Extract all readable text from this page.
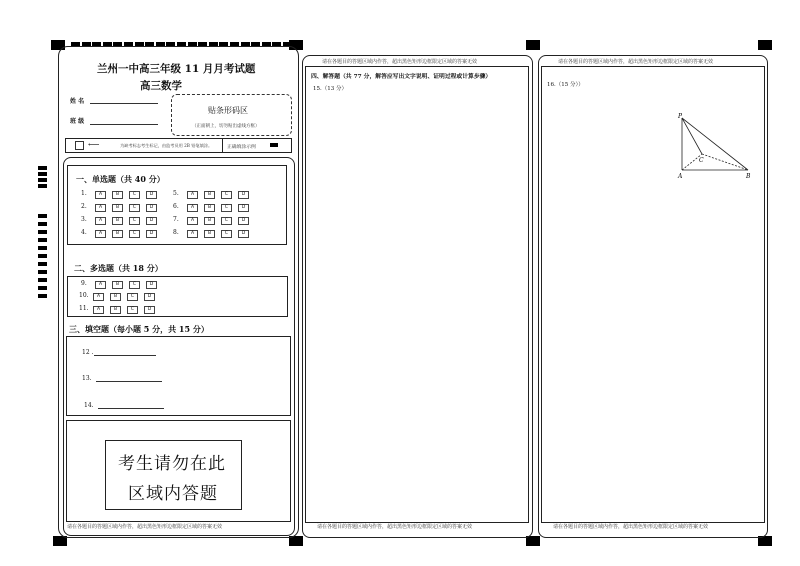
兰州一中高三年级 11 月月考试题
高三数学
姓 名
班 级
贴条形码区
（正面朝上，切勿贴出虚线方框）
⟵	为缺考标志考生标记，由监考员用 2B 铅笔填涂。	正确填涂示例
一、单选题（共 40 分）
1.	A	B	C	D
2.	A	B	C	D
3.	A	B	C	D
4.	A	B	C	D
5.	A	B	C	D
6.	A	B	C	D
7.	A	B	C	D
8.	A	B	C	D
二、多选题（共 18 分）
9.	A	B	C	D
10.	A	B	C	D
11.	A	B	C	D
三、填空题（每小题 5 分，共 15 分）
12 .
13.
14.
考生请勿在此
区域内答题
请在各题目的答题区域内作答，超出黑色矩形边框限定区域的答案无效
请在各题目的答题区域内作答，超出黑色矩形边框限定区域的答案无效
四、解答题（共 77 分，解答应写出文字说明、证明过程或计算步骤）
15.（13 分）
请在各题目的答题区域内作答，超出黑色矩形边框限定区域的答案无效
请在各题目的答题区域内作答，超出黑色矩形边框限定区域的答案无效
16.（15 分））
P
A	B
C
请在各题目的答题区域内作答，超出黑色矩形边框限定区域的答案无效
